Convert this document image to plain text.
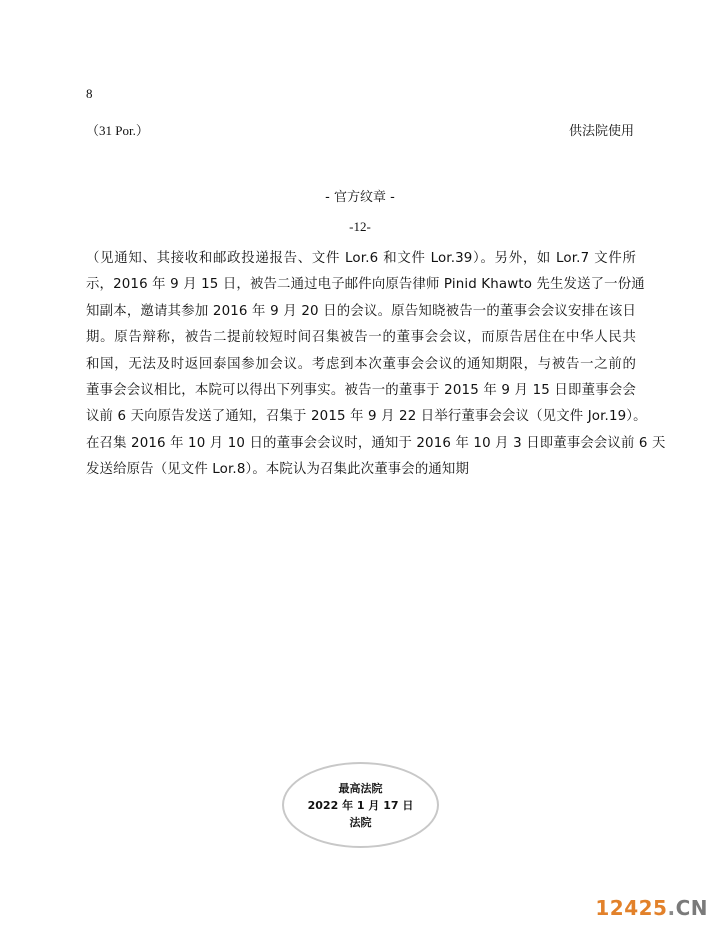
8
（31 Por.）	供法院使用
- 官方纹章 -
-12-
（见通知、其接收和邮政投递报告、文件 Lor.6 和文件 Lor.39）。另外，如 Lor.7 文件所
示，2016 年 9 月 15 日，被告二通过电子邮件向原告律师 Pinid Khawto 先生发送了一份通
知副本，邀请其参加 2016 年 9 月 20 日的会议。原告知晓被告一的董事会会议安排在该日
期。原告辩称，被告二提前较短时间召集被告一的董事会会议，而原告居住在中华人民共
和国，无法及时返回泰国参加会议。考虑到本次董事会会议的通知期限，与被告一之前的
董事会会议相比，本院可以得出下列事实。被告一的董事于 2015 年 9 月 15 日即董事会会
议前 6 天向原告发送了通知，召集于 2015 年 9 月 22 日举行董事会会议（见文件 Jor.19）。
在召集 2016 年 10 月 10 日的董事会会议时，通知于 2016 年 10 月 3 日即董事会会议前 6 天
发送给原告（见文件 Lor.8）。本院认为召集此次董事会的通知期
最高法院
2022 年 1 月 17 日
法院
12425.CN
